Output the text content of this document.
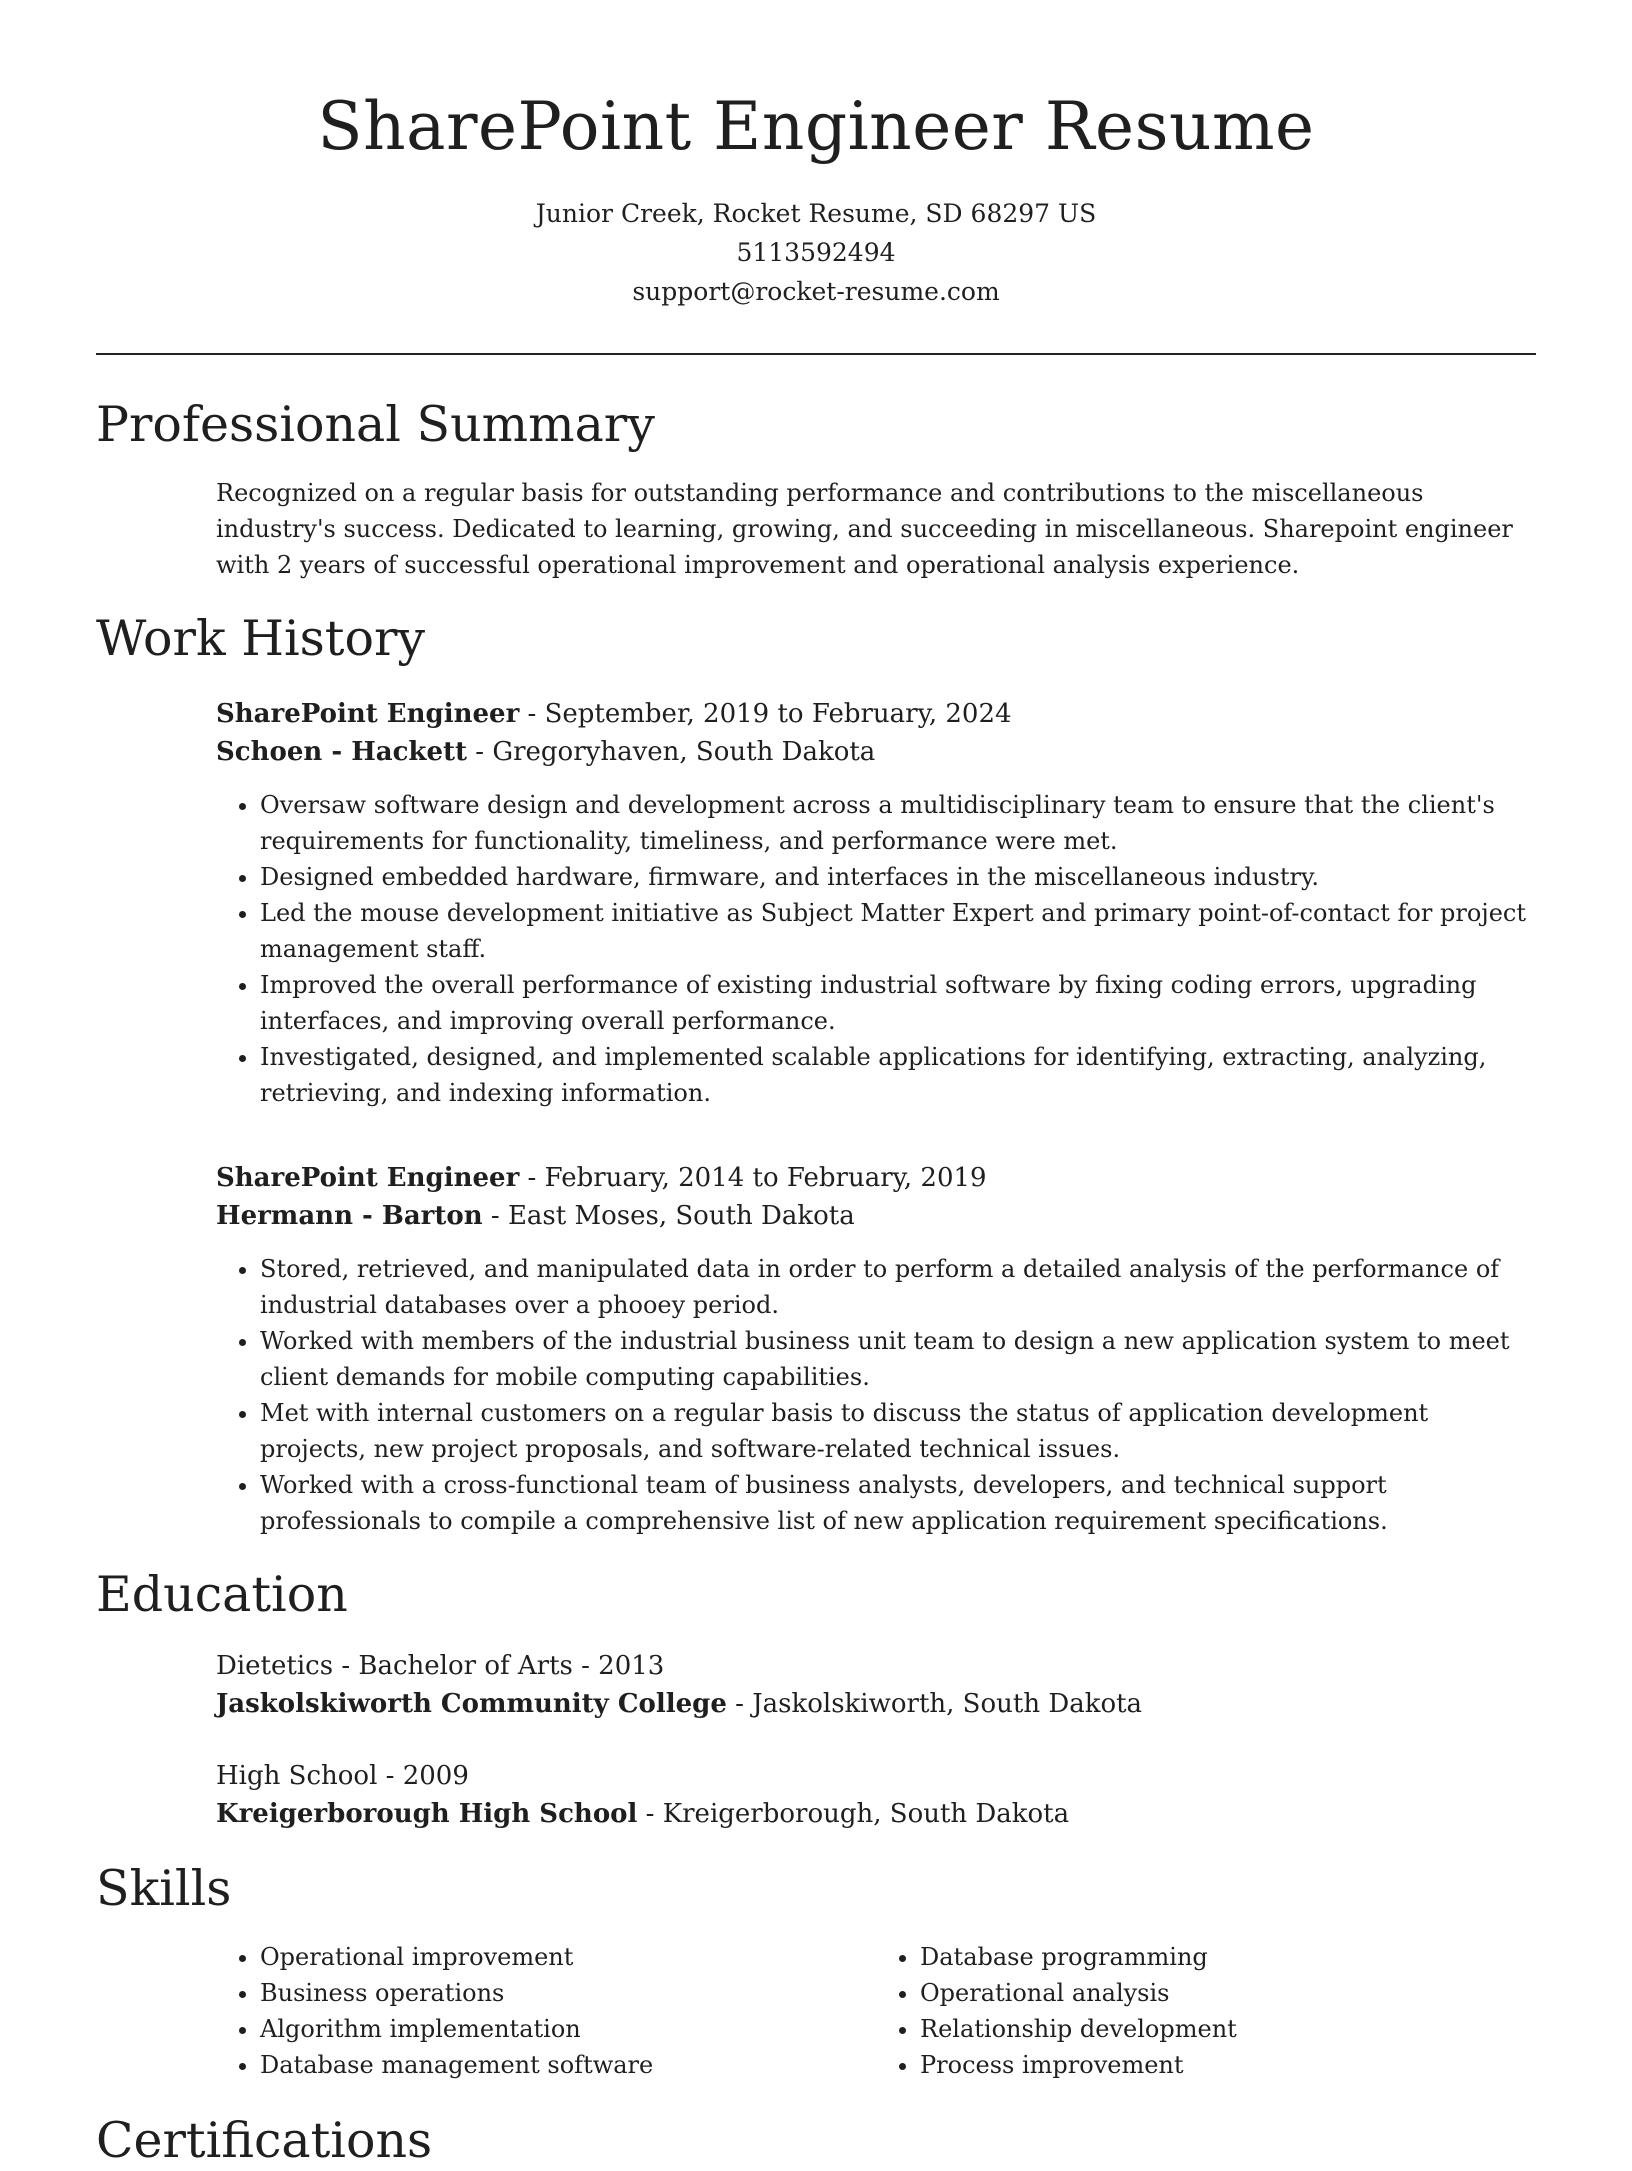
SharePoint Engineer Resume
Junior Creek, Rocket Resume, SD 68297 US
5113592494
support@rocket-resume.com
Professional Summary

Recognized on a regular basis for outstanding performance and contributions to the miscellaneous industry's success. Dedicated to learning, growing, and succeeding in miscellaneous. Sharepoint engineer with 2 years of successful operational improvement and operational analysis experience.

Work History
SharePoint Engineer - September, 2019 to February, 2024
Schoen - Hackett - Gregoryhaven, South Dakota
• Oversaw software design and development across a multidisciplinary team to ensure that the client's requirements for functionality, timeliness, and performance were met.
• Designed embedded hardware, firmware, and interfaces in the miscellaneous industry.
• Led the mouse development initiative as Subject Matter Expert and primary point-of-contact for project management staff.
• Improved the overall performance of existing industrial software by fixing coding errors, upgrading interfaces, and improving overall performance.
• Investigated, designed, and implemented scalable applications for identifying, extracting, analyzing, retrieving, and indexing information.
SharePoint Engineer - February, 2014 to February, 2019
Hermann - Barton - East Moses, South Dakota
• Stored, retrieved, and manipulated data in order to perform a detailed analysis of the performance of industrial databases over a phooey period.
• Worked with members of the industrial business unit team to design a new application system to meet client demands for mobile computing capabilities.
• Met with internal customers on a regular basis to discuss the status of application development projects, new project proposals, and software-related technical issues.
• Worked with a cross-functional team of business analysts, developers, and technical support professionals to compile a comprehensive list of new application requirement specifications.
Education
Dietetics - Bachelor of Arts - 2013
Jaskolskiworth Community College - Jaskolskiworth, South Dakota
High School - 2009
Kreigerborough High School - Kreigerborough, South Dakota
Skills
• Operational improvement
• Business operations
• Algorithm implementation
• Database management software
• Database programming
• Operational analysis
• Relationship development
• Process improvement
Certifications
